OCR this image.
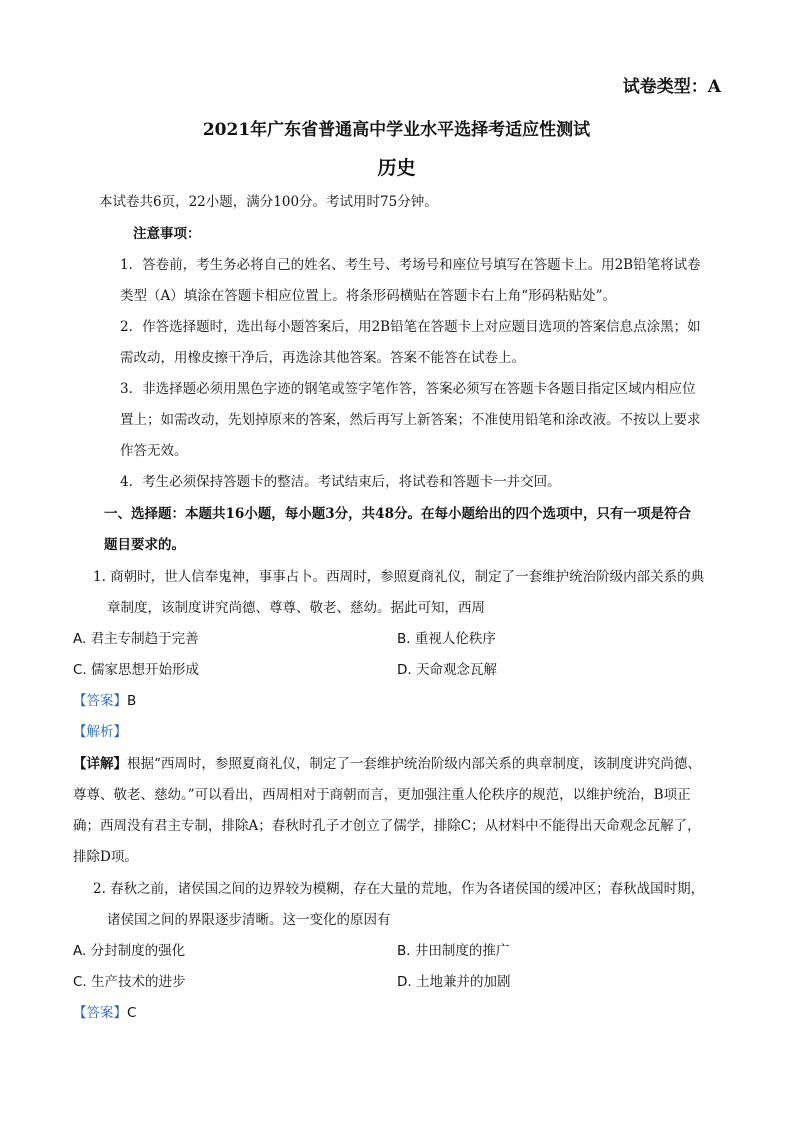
试卷类型：A
2021年广东省普通高中学业水平选择考适应性测试
历史
本试卷共6页，22小题，满分100分。考试用时75分钟。
注意事项：
1．答卷前，考生务必将自己的姓名、考生号、考场号和座位号填写在答题卡上。用2B铅笔将试卷
类型（A）填涂在答题卡相应位置上。将条形码横贴在答题卡右上角“形码粘贴处”。
2．作答选择题时，选出每小题答案后，用2B铅笔在答题卡上对应题目选项的答案信息点涂黑；如
需改动，用橡皮擦干净后，再选涂其他答案。答案不能答在试卷上。
3．非选择题必须用黑色字迹的钢笔或签字笔作答，答案必须写在答题卡各题目指定区域内相应位
置上；如需改动，先划掉原来的答案，然后再写上新答案；不准使用铅笔和涂改液。不按以上要求
作答无效。
4．考生必须保持答题卡的整洁。考试结束后，将试卷和答题卡一并交回。
一、选择题：本题共16小题，每小题3分，共48分。在每小题给出的四个选项中，只有一项是符合
题目要求的。
1. 商朝时，世人信奉鬼神，事事占卜。西周时，参照夏商礼仪，制定了一套维护统治阶级内部关系的典
章制度，该制度讲究尚德、尊尊、敬老、慈幼。据此可知，西周
A. 君主专制趋于完善	B. 重视人伦秩序
C. 儒家思想开始形成	D. 天命观念瓦解
【答案】B
【解析】
【详解】根据“西周时，参照夏商礼仪，制定了一套维护统治阶级内部关系的典章制度，该制度讲究尚德、
尊尊、敬老、慈幼。”可以看出，西周相对于商朝而言，更加强注重人伦秩序的规范，以维护统治，B项正
确；西周没有君主专制，排除A；春秋时孔子才创立了儒学，排除C；从材料中不能得出天命观念瓦解了，
排除D项。
2. 春秋之前，诸侯国之间的边界较为模糊，存在大量的荒地，作为各诸侯国的缓冲区；春秋战国时期，
诸侯国之间的界限逐步清晰。这一变化的原因有
A. 分封制度的强化	B. 井田制度的推广
C. 生产技术的进步	D. 土地兼并的加剧
【答案】C
